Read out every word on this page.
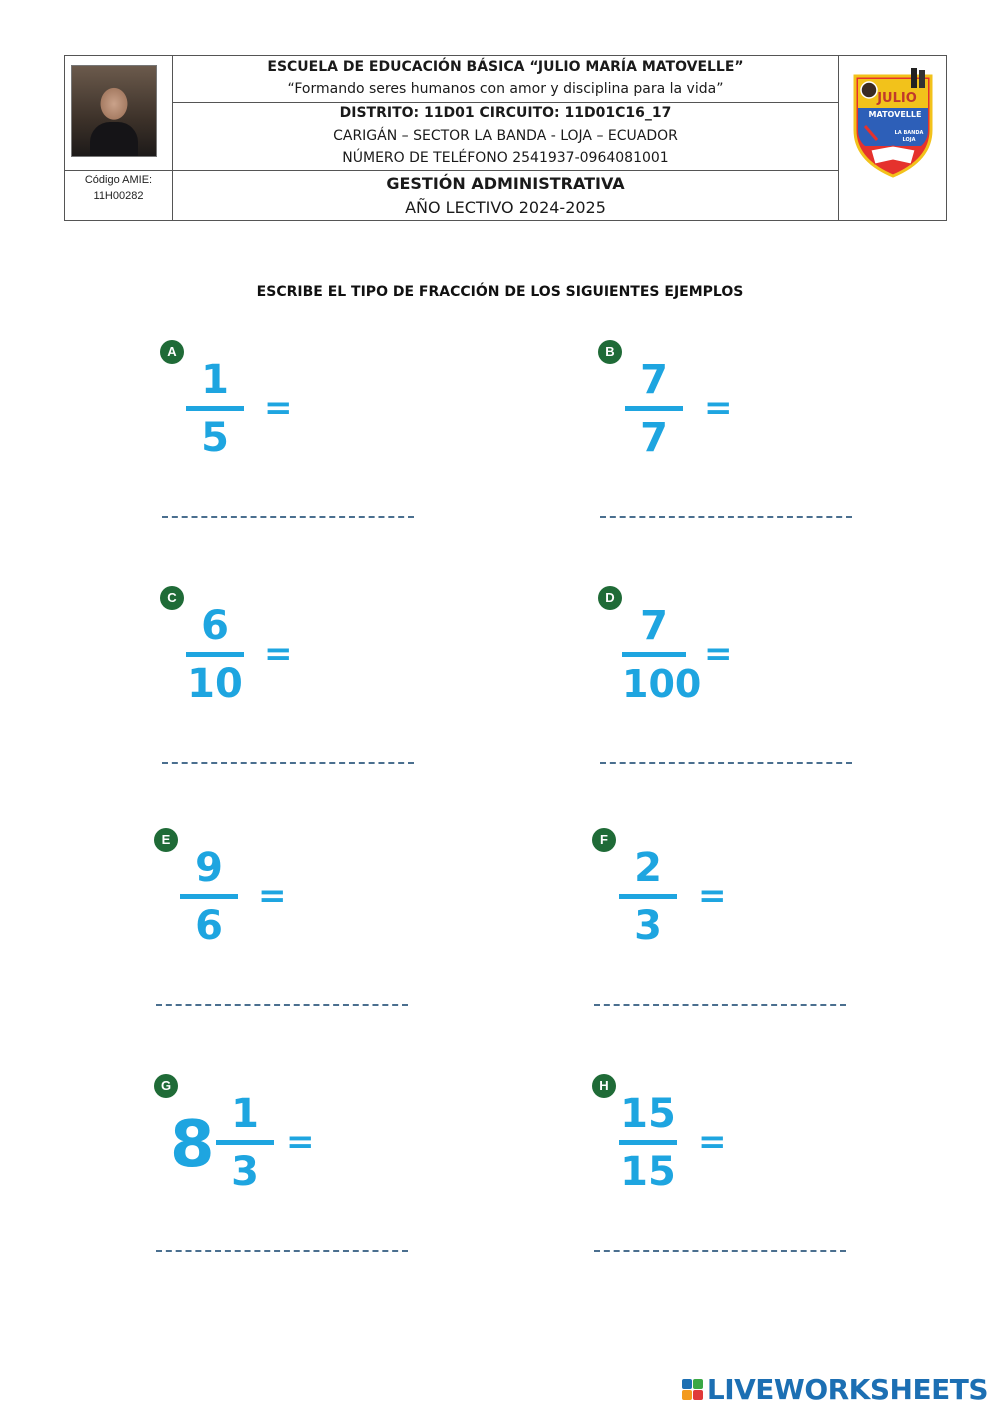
Código AMIE:
11H00282
ESCUELA DE EDUCACIÓN BÁSICA “JULIO MARÍA MATOVELLE”
“Formando seres humanos con amor y disciplina para la vida”
DISTRITO: 11D01 CIRCUITO: 11D01C16_17
CARIGÁN – SECTOR LA BANDA - LOJA – ECUADOR
NÚMERO DE TELÉFONO 2541937-0964081001
GESTIÓN ADMINISTRATIVA
AÑO LECTIVO 2024-2025
JULIO
MATOVELLE
LA BANDA
LOJA
ESCRIBE EL TIPO DE FRACCIÓN DE LOS SIGUIENTES EJEMPLOS
A
1
5
=
B
7
7
=
C
6
10
=
D
7
100
=
E
9
6
=
F
2
3
=
G
8 1
3
=
H
15
15
=
LIVEWORKSHEETS
